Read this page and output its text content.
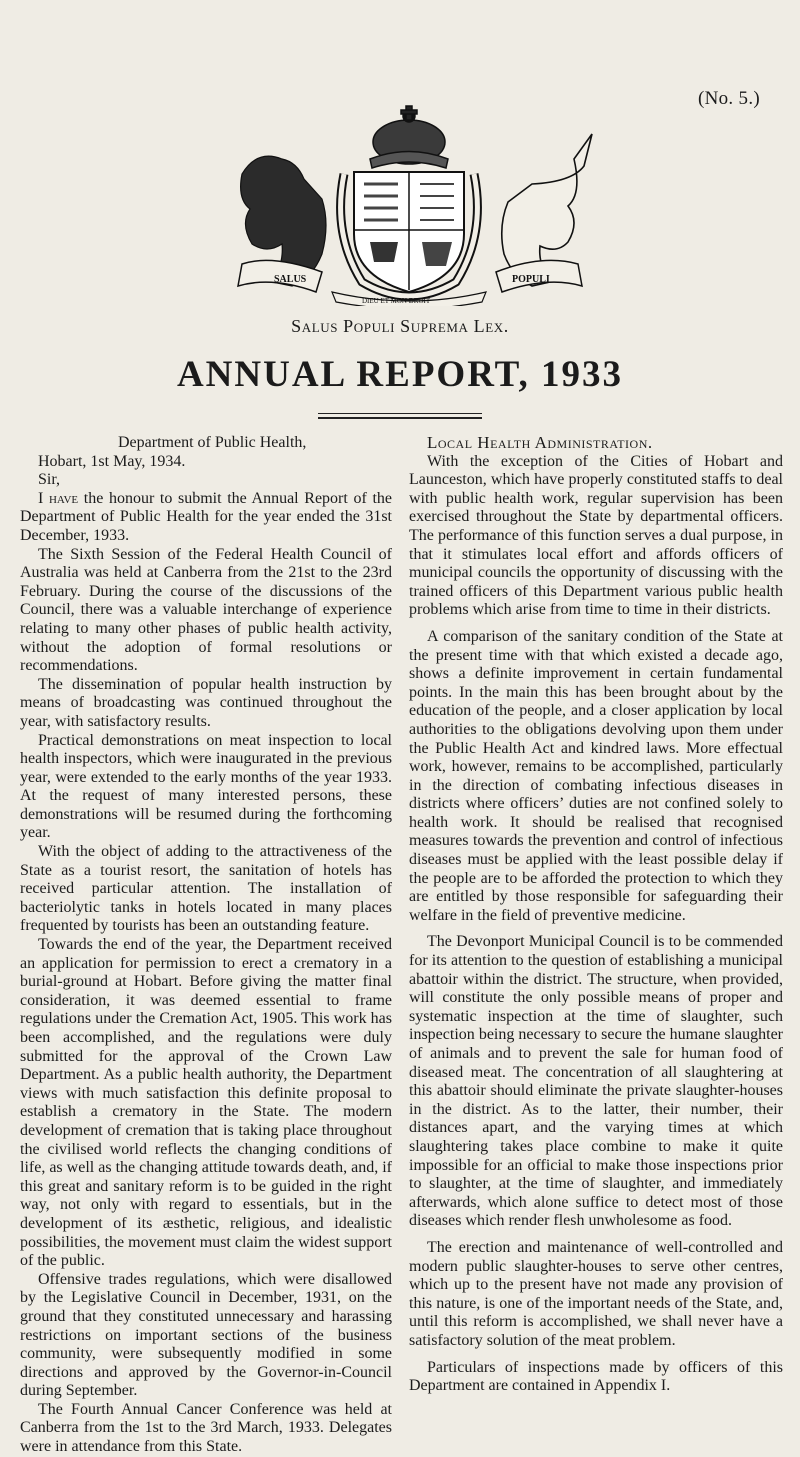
(No. 5.)
SALUS	POPULI
DIEU ET MON DROIT
Salus Populi Suprema Lex.
ANNUAL REPORT, 1933

Department of Public Health,

Hobart, 1st May, 1934.

Sir,

I have the honour to submit the Annual Report of the Department of Public Health for the year ended the 31st December, 1933.

The Sixth Session of the Federal Health Council of Australia was held at Canberra from the 21st to the 23rd February. During the course of the discussions of the Council, there was a valuable interchange of experience relating to many other phases of public health activity, without the adoption of formal resolutions or recommendations.

The dissemination of popular health instruction by means of broadcasting was continued throughout the year, with satisfactory results.

Practical demonstrations on meat inspection to local health inspectors, which were inaugurated in the previous year, were extended to the early months of the year 1933. At the request of many interested persons, these demonstrations will be resumed during the forthcoming year.

With the object of adding to the attractiveness of the State as a tourist resort, the sanitation of hotels has received particular attention. The installation of bacteriolytic tanks in hotels located in many places frequented by tourists has been an outstanding feature.

Towards the end of the year, the Department received an application for permission to erect a crematory in a burial-ground at Hobart. Before giving the matter final consideration, it was deemed essential to frame regulations under the Cremation Act, 1905. This work has been accomplished, and the regulations were duly submitted for the approval of the Crown Law Department. As a public health authority, the Department views with much satisfaction this definite proposal to establish a crematory in the State. The modern development of cremation that is taking place throughout the civilised world reflects the changing conditions of life, as well as the changing attitude towards death, and, if this great and sanitary reform is to be guided in the right way, not only with regard to essentials, but in the development of its æsthetic, religious, and idealistic possibilities, the movement must claim the widest support of the public.

Offensive trades regulations, which were disallowed by the Legislative Council in December, 1931, on the ground that they constituted unnecessary and harassing restrictions on important sections of the business community, were subsequently modified in some directions and approved by the Governor-in-Council during September.

The Fourth Annual Cancer Conference was held at Canberra from the 1st to the 3rd March, 1933. Delegates were in attendance from this State.

Local Health Administration.

With the exception of the Cities of Hobart and Launceston, which have properly constituted staffs to deal with public health work, regular supervision has been exercised throughout the State by departmental officers. The performance of this function serves a dual purpose, in that it stimulates local effort and affords officers of municipal councils the opportunity of discussing with the trained officers of this Department various public health problems which arise from time to time in their districts.

A comparison of the sanitary condition of the State at the present time with that which existed a decade ago, shows a definite improvement in certain fundamental points. In the main this has been brought about by the education of the people, and a closer application by local authorities to the obligations devolving upon them under the Public Health Act and kindred laws. More effectual work, however, remains to be accomplished, particularly in the direction of combating infectious diseases in districts where officers’ duties are not confined solely to health work. It should be realised that recognised measures towards the prevention and control of infectious diseases must be applied with the least possible delay if the people are to be afforded the protection to which they are entitled by those responsible for safeguarding their welfare in the field of preventive medicine.

The Devonport Municipal Council is to be commended for its attention to the question of establishing a municipal abattoir within the district. The structure, when provided, will constitute the only possible means of proper and systematic inspection at the time of slaughter, such inspection being necessary to secure the humane slaughter of animals and to prevent the sale for human food of diseased meat. The concentration of all slaughtering at this abattoir should eliminate the private slaughter-houses in the district. As to the latter, their number, their distances apart, and the varying times at which slaughtering takes place combine to make it quite impossible for an official to make those inspections prior to slaughter, at the time of slaughter, and immediately afterwards, which alone suffice to detect most of those diseases which render flesh unwholesome as food.

The erection and maintenance of well-controlled and modern public slaughter-houses to serve other centres, which up to the present have not made any provision of this nature, is one of the important needs of the State, and, until this reform is accomplished, we shall never have a satisfactory solution of the meat problem.

Particulars of inspections made by officers of this Department are contained in Appendix I.
